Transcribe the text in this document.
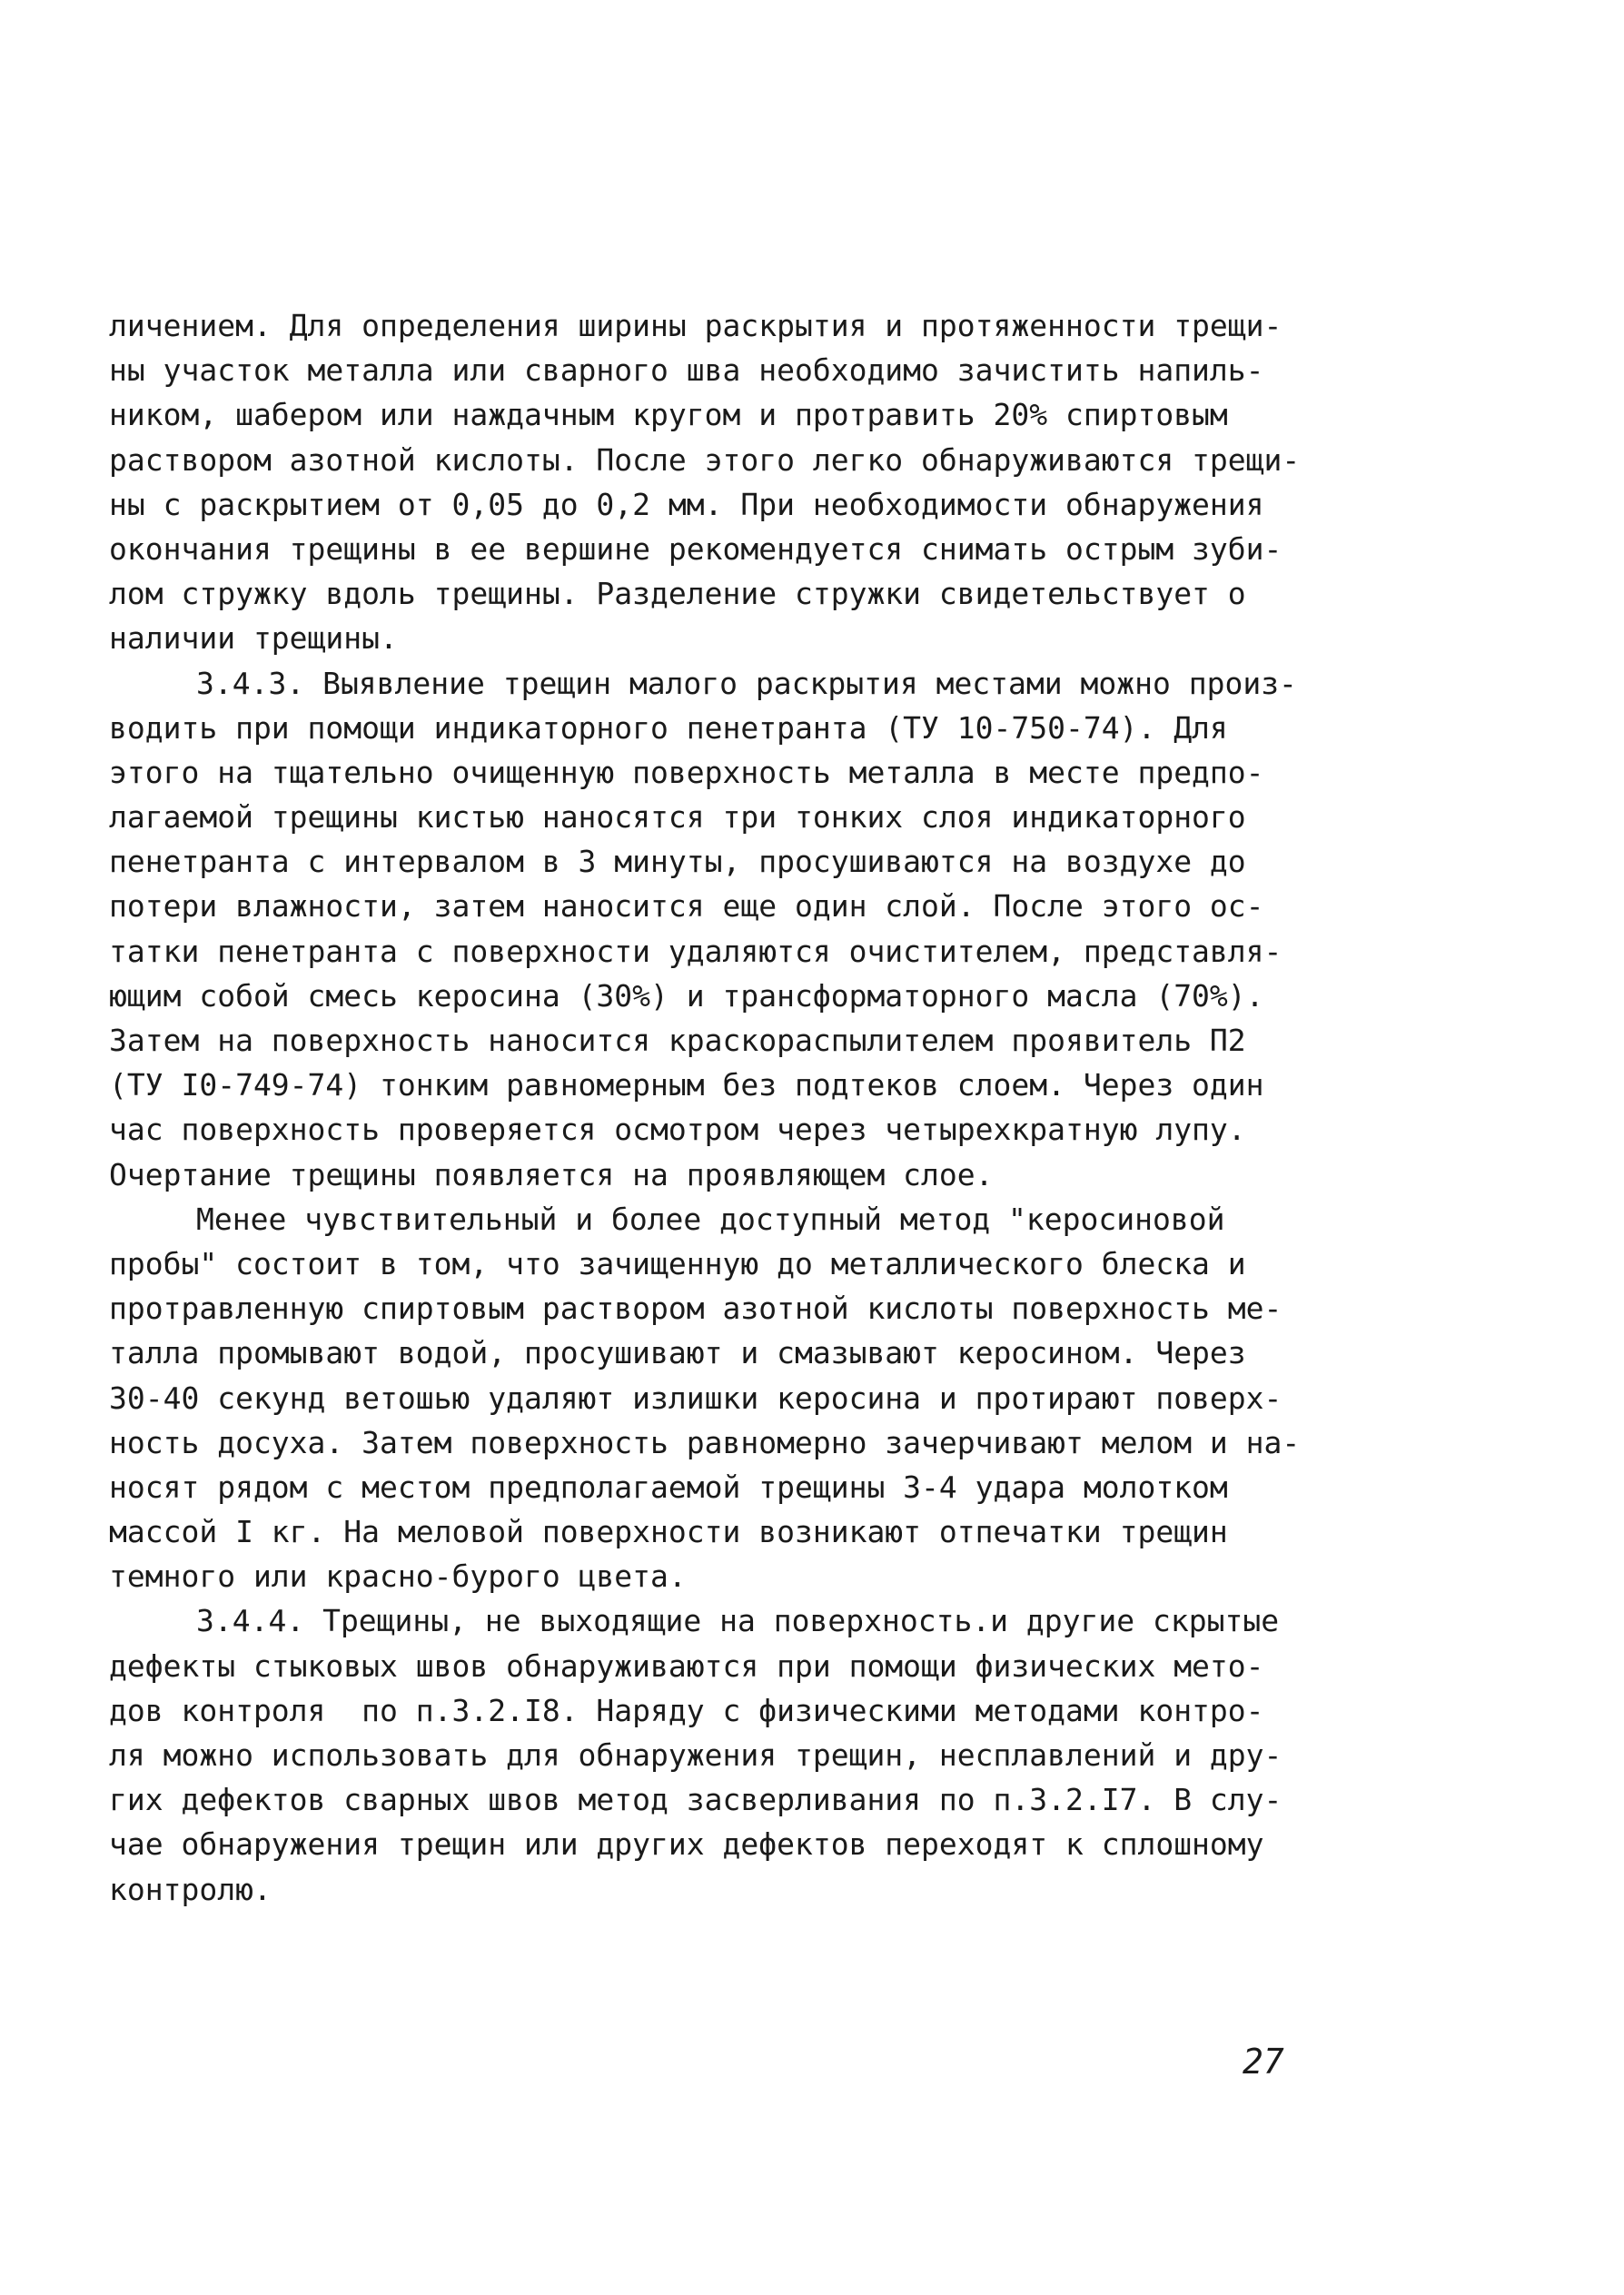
личением. Для определения ширины раскрытия и протяженности трещи-
ны участок металла или сварного шва необходимо зачистить напиль-
ником, шабером или наждачным кругом и протравить 20% спиртовым
раствором азотной кислоты. После этого легко обнаруживаются трещи-
ны с раскрытием от 0,05 до 0,2 мм. При необходимости обнаружения
окончания трещины в ее вершине рекомендуется снимать острым зуби-
лом стружку вдоль трещины. Разделение стружки свидетельствует о
наличии трещины.
3.4.3. Выявление трещин малого раскрытия местами можно произ-
водить при помощи индикаторного пенетранта (ТУ 10-750-74). Для
этого на тщательно очищенную поверхность металла в месте предпо-
лагаемой трещины кистью наносятся три тонких слоя индикаторного
пенетранта с интервалом в 3 минуты, просушиваются на воздухе до
потери влажности, затем наносится еще один слой. После этого ос-
татки пенетранта с поверхности удаляются очистителем, представля-
ющим собой смесь керосина (30%) и трансформаторного масла (70%).
Затем на поверхность наносится краскораспылителем проявитель П2
(ТУ I0-749-74) тонким равномерным без подтеков слоем. Через один
час поверхность проверяется осмотром через четырехкратную лупу.
Очертание трещины появляется на проявляющем слое.
Менее чувствительный и более доступный метод "керосиновой
пробы" состоит в том, что зачищенную до металлического блеска и
протравленную спиртовым раствором азотной кислоты поверхность ме-
талла промывают водой, просушивают и смазывают керосином. Через
30-40 секунд ветошью удаляют излишки керосина и протирают поверх-
ность досуха. Затем поверхность равномерно зачерчивают мелом и на-
носят рядом с местом предполагаемой трещины 3-4 удара молотком
массой I кг. На меловой поверхности возникают отпечатки трещин
темного или красно-бурого цвета.
3.4.4. Трещины, не выходящие на поверхность.и другие скрытые
дефекты стыковых швов обнаруживаются при помощи физических мето-
дов контроля  по п.3.2.I8. Наряду с физическими методами контро-
ля можно использовать для обнаружения трещин, несплавлений и дру-
гих дефектов сварных швов метод засверливания по п.3.2.I7. В слу-
чае обнаружения трещин или других дефектов переходят к сплошному
контролю.
27
